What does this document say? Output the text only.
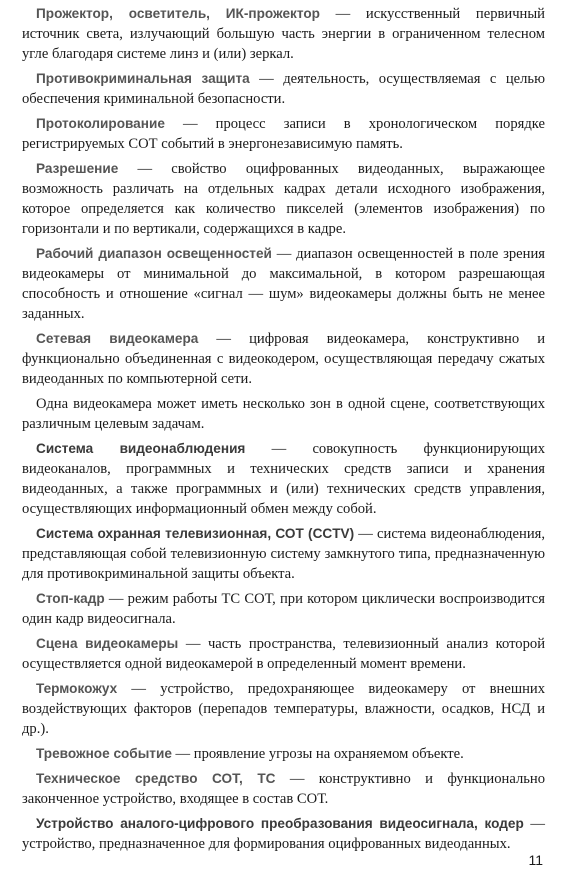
Прожектор, осветитель, ИК-прожектор — искусственный первичный источник света, излучающий большую часть энергии в ограниченном телесном угле благодаря системе линз и (или) зеркал.

Противокриминальная защита — деятельность, осуществляемая с целью обеспечения криминальной безопасности.

Протоколирование — процесс записи в хронологическом порядке регистрируемых СОТ событий в энергонезависимую память.

Разрешение — свойство оцифрованных видеоданных, выражающее возможность различать на отдельных кадрах детали исходного изображения, которое определяется как количество пикселей (элементов изображения) по горизонтали и по вертикали, содержащихся в кадре.

Рабочий диапазон освещенностей — диапазон освещенностей в поле зрения видеокамеры от минимальной до максимальной, в котором разрешающая способность и отношение «сигнал — шум» видеокамеры должны быть не менее заданных.

Сетевая видеокамера — цифровая видеокамера, конструктивно и функционально объединенная с видеокодером, осуществляющая передачу сжатых видеоданных по компьютерной сети.

Одна видеокамера может иметь несколько зон в одной сцене, соответствующих различным целевым задачам.

Система видеонаблюдения — совокупность функционирующих видеоканалов, программных и технических средств записи и хранения видеоданных, а также программных и (или) технических средств управления, осуществляющих информационный обмен между собой.

Система охранная телевизионная, СОТ (CCTV) — система видеонаблюдения, представляющая собой телевизионную систему замкнутого типа, предназначенную для противокриминальной защиты объекта.

Стоп-кадр — режим работы ТС СОТ, при котором циклически воспроизводится один кадр видеосигнала.

Сцена видеокамеры — часть пространства, телевизионный анализ которой осуществляется одной видеокамерой в определенный момент времени.

Термокожух — устройство, предохраняющее видеокамеру от внешних воздействующих факторов (перепадов температуры, влажности, осадков, НСД и др.).

Тревожное событие — проявление угрозы на охраняемом объекте.

Техническое средство СОТ, ТС — конструктивно и функционально законченное устройство, входящее в состав СОТ.

Устройство аналого-цифрового преобразования видеосигнала, кодер — устройство, предназначенное для формирования оцифрованных видеоданных.

11
